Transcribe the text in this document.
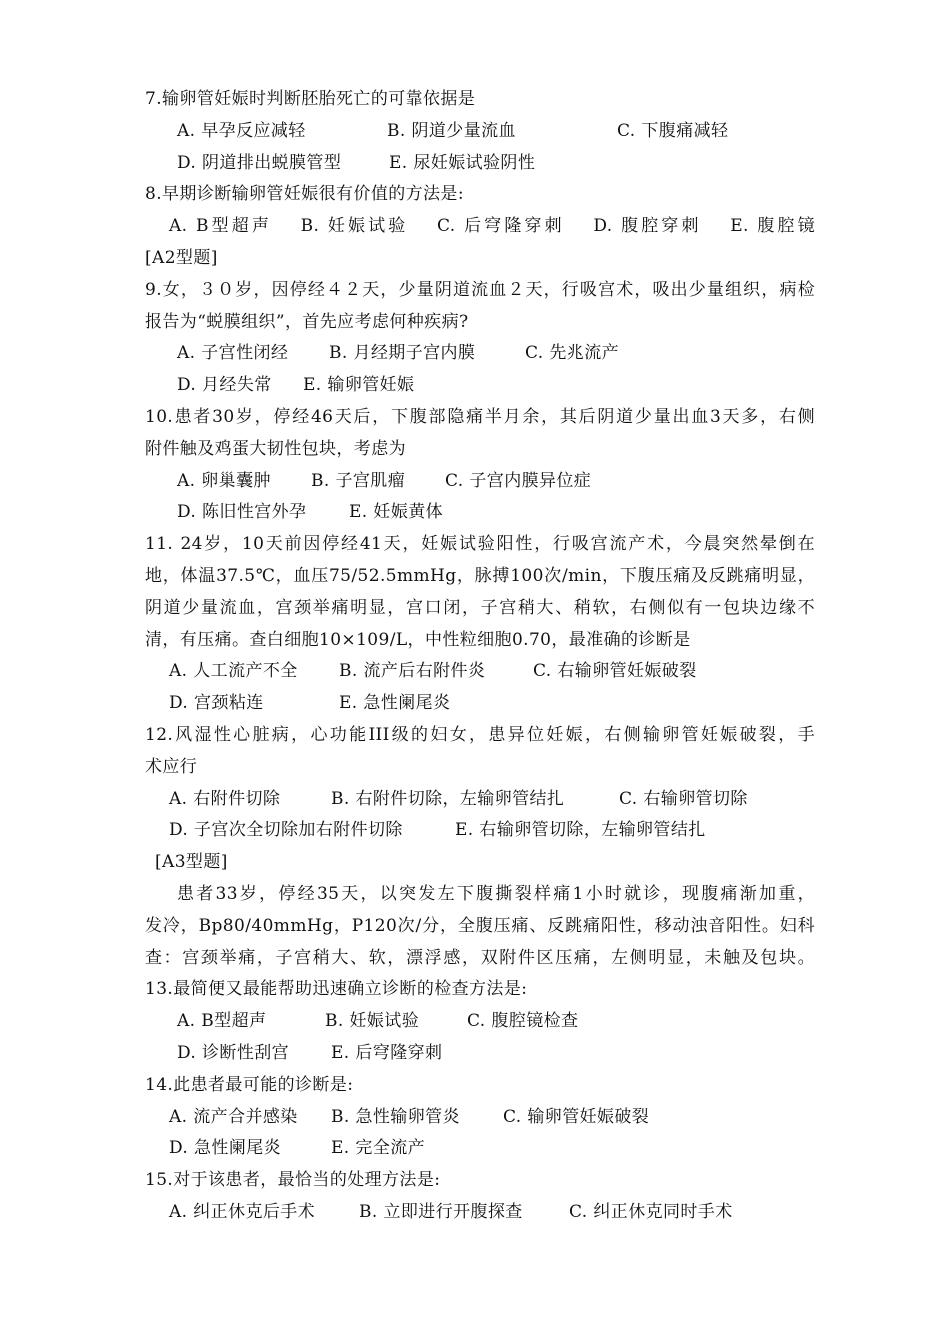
7.输卵管妊娠时判断胚胎死亡的可靠依据是
A. 早孕反应减轻	B. 阴道少量流血	C. 下腹痛减轻
D. 阴道排出蜕膜管型	E. 尿妊娠试验阴性
8.早期诊断输卵管妊娠很有价值的方法是:
A. B型超声　 B. 妊娠试验　 C. 后穹隆穿刺　 D. 腹腔穿刺　 E. 腹腔镜
[A2型题]
9.女，３０岁，因停经４２天，少量阴道流血２天，行吸宫术，吸出少量组织，病检
报告为“蜕膜组织”，首先应考虑何种疾病?
A. 子宫性闭经 B. 月经期子宫内膜	C. 先兆流产
D. 月经失常 E. 输卵管妊娠
10.患者30岁，停经46天后，下腹部隐痛半月余，其后阴道少量出血3天多，右侧
附件触及鸡蛋大韧性包块，考虑为
A. 卵巢囊肿 B. 子宫肌瘤 C. 子宫内膜异位症
D. 陈旧性宫外孕	E. 妊娠黄体
11. 24岁，10天前因停经41天，妊娠试验阳性，行吸宫流产术，今晨突然晕倒在
地，体温37.5℃，血压75/52.5mmHg，脉搏100次/min，下腹压痛及反跳痛明显，
阴道少量流血，宫颈举痛明显，宫口闭，子宫稍大、稍软，右侧似有一包块边缘不
清，有压痛。查白细胞10×109/L，中性粒细胞0.70，最准确的诊断是
A. 人工流产不全 B. 流产后右附件炎	C. 右输卵管妊娠破裂
D. 宫颈粘连	E. 急性阑尾炎
12.风湿性心脏病，心功能III级的妇女，患异位妊娠，右侧输卵管妊娠破裂，手
术应行
A. 右附件切除	B. 右附件切除，左输卵管结扎	C. 右输卵管切除
D. 子宫次全切除加右附件切除	E. 右输卵管切除，左输卵管结扎
[A3型题]
患者33岁，停经35天，以突发左下腹撕裂样痛1小时就诊，现腹痛渐加重，
发冷，Bp80/40mmHg，P120次/分，全腹压痛、反跳痛阳性，移动浊音阳性。妇科
查：宫颈举痛，子宫稍大、软，漂浮感，双附件区压痛，左侧明显，未触及包块。
13.最简便又最能帮助迅速确立诊断的检查方法是:
A. B型超声	B. 妊娠试验	C. 腹腔镜检查
D. 诊断性刮宫 E. 后穹隆穿刺
14.此患者最可能的诊断是:
A. 流产合并感染 B. 急性输卵管炎	C. 输卵管妊娠破裂
D. 急性阑尾炎	E. 完全流产
15.对于该患者，最恰当的处理方法是:
A. 纠正休克后手术	B. 立即进行开腹探查	C. 纠正休克同时手术
